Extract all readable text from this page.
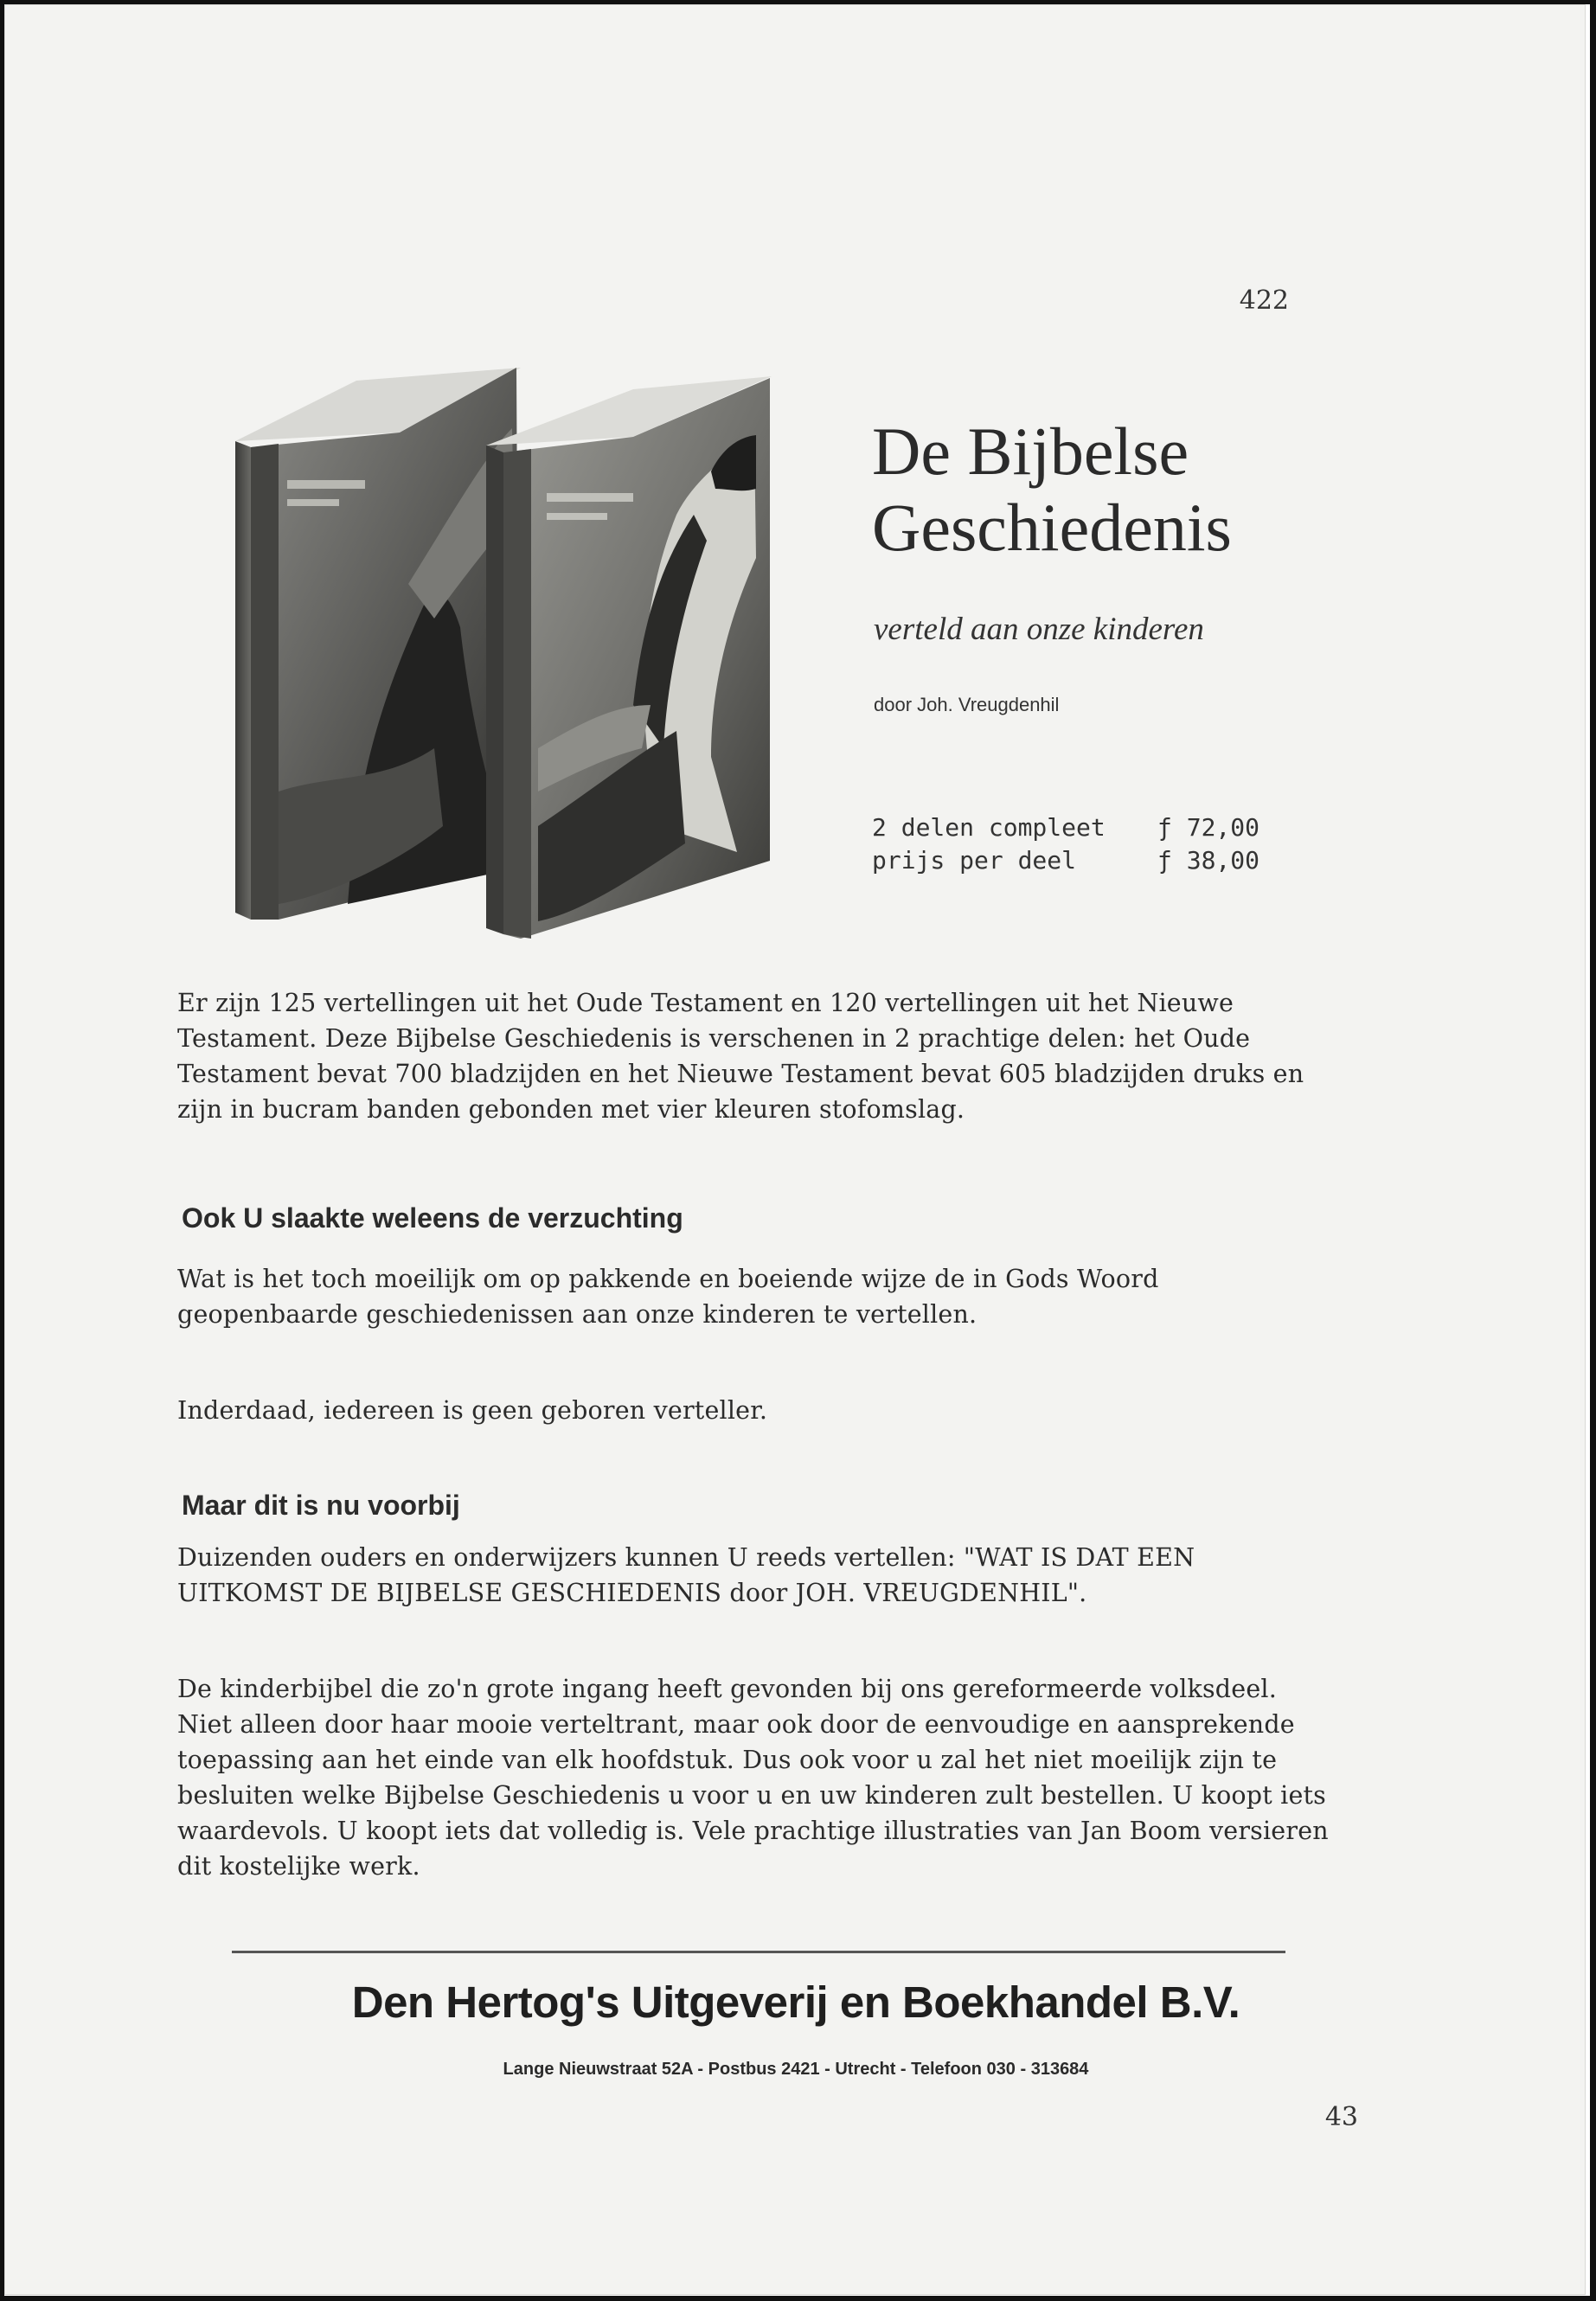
422
De Bijbelse
Geschiedenis
verteld aan onze kinderen
door Joh. Vreugdenhil
2 delen compleet	ƒ 72,00
prijs per deel	ƒ 38,00

Er zijn 125 vertellingen uit het Oude Testament en 120 vertellingen uit het Nieuwe Testament. Deze Bijbelse Geschiedenis is verschenen in 2 prachtige delen: het Oude Testament bevat 700 bladzijden en het Nieuwe Testament bevat 605 bladzijden druks en zijn in bucram banden gebonden met vier kleuren stofomslag.

Ook U slaakte weleens de verzuchting

Wat is het toch moeilijk om op pakkende en boeiende wijze de in Gods Woord geopenbaarde geschiedenissen aan onze kinderen te vertellen.

Inderdaad, iedereen is geen geboren verteller.

Maar dit is nu voorbij

Duizenden ouders en onderwijzers kunnen U reeds vertellen: "WAT IS DAT EEN UITKOMST DE BIJBELSE GESCHIEDENIS door JOH. VREUGDENHIL".

De kinderbijbel die zo'n grote ingang heeft gevonden bij ons gereformeerde volksdeel. Niet alleen door haar mooie verteltrant, maar ook door de eenvoudige en aansprekende toepassing aan het einde van elk hoofdstuk. Dus ook voor u zal het niet moeilijk zijn te besluiten welke Bijbelse Geschiedenis u voor u en uw kinderen zult bestellen. U koopt iets waardevols. U koopt iets dat volledig is. Vele prachtige illustraties van Jan Boom versieren dit kostelijke werk.

Den Hertog's Uitgeverij en Boekhandel B.V.
Lange Nieuwstraat 52A - Postbus 2421 - Utrecht - Telefoon 030 - 313684
43
